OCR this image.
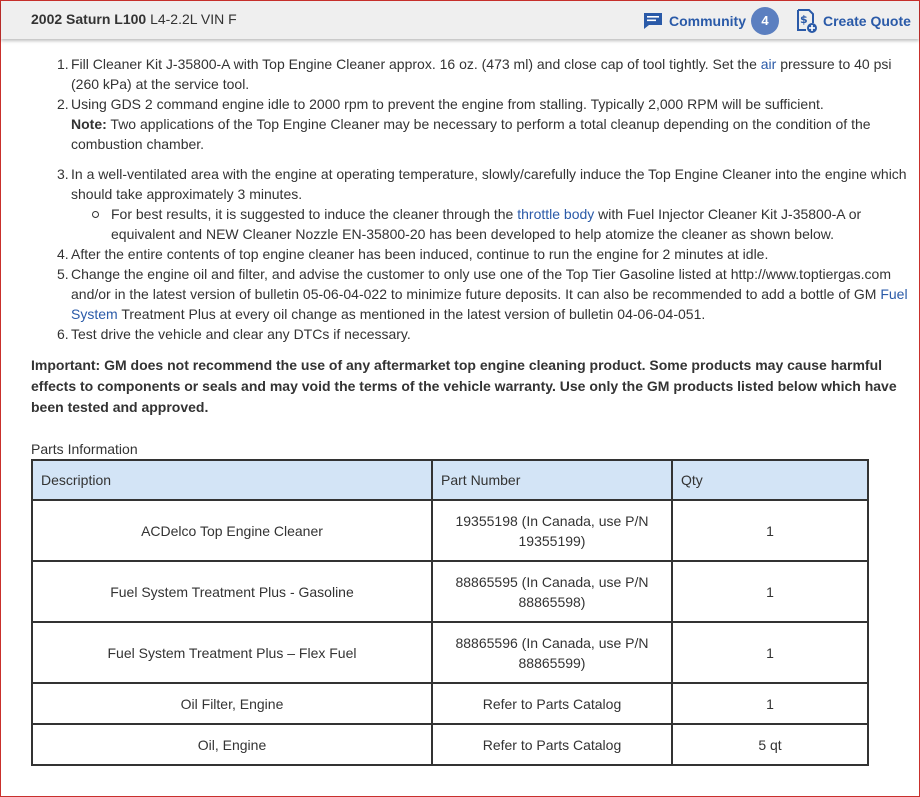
1. Fill Cleaner Kit J-35800-A with Top Engine Cleaner approx. 16 oz. (473 ml) and close cap of tool tightly. Set the air pressure to 40 psi (260 kPa) at the service tool.
2. Using GDS 2 command engine idle to 2000 rpm to prevent the engine from stalling. Typically 2,000 RPM will be sufficient.
Note: Two applications of the Top Engine Cleaner may be necessary to perform a total cleanup depending on the condition of the combustion chamber.
3. In a well-ventilated area with the engine at operating temperature, slowly/carefully induce the Top Engine Cleaner into the engine which should take approximately 3 minutes.
For best results, it is suggested to induce the cleaner through the throttle body with Fuel Injector Cleaner Kit J-35800-A or equivalent and NEW Cleaner Nozzle EN-35800-20 has been developed to help atomize the cleaner as shown below.
4. After the entire contents of top engine cleaner has been induced, continue to run the engine for 2 minutes at idle.
5. Change the engine oil and filter, and advise the customer to only use one of the Top Tier Gasoline listed at http://www.toptiergas.com and/or in the latest version of bulletin 05-06-04-022 to minimize future deposits. It can also be recommended to add a bottle of GM Fuel System Treatment Plus at every oil change as mentioned in the latest version of bulletin 04-06-04-051.
6. Test drive the vehicle and clear any DTCs if necessary.
Important: GM does not recommend the use of any aftermarket top engine cleaning product. Some products may cause harmful effects to components or seals and may void the terms of the vehicle warranty. Use only the GM products listed below which have been tested and approved.
Parts Information
Description	Part Number	Qty
ACDelco Top Engine Cleaner	19355198 (In Canada, use P/N 19355199)	1
Fuel System Treatment Plus - Gasoline	88865595 (In Canada, use P/N 88865598)	1
Fuel System Treatment Plus – Flex Fuel	88865596 (In Canada, use P/N 88865599)	1
Oil Filter, Engine	Refer to Parts Catalog	1
Oil, Engine	Refer to Parts Catalog	5 qt
2002 Saturn L100 L4-2.2L VIN F	Community	4	$ Create Quote
